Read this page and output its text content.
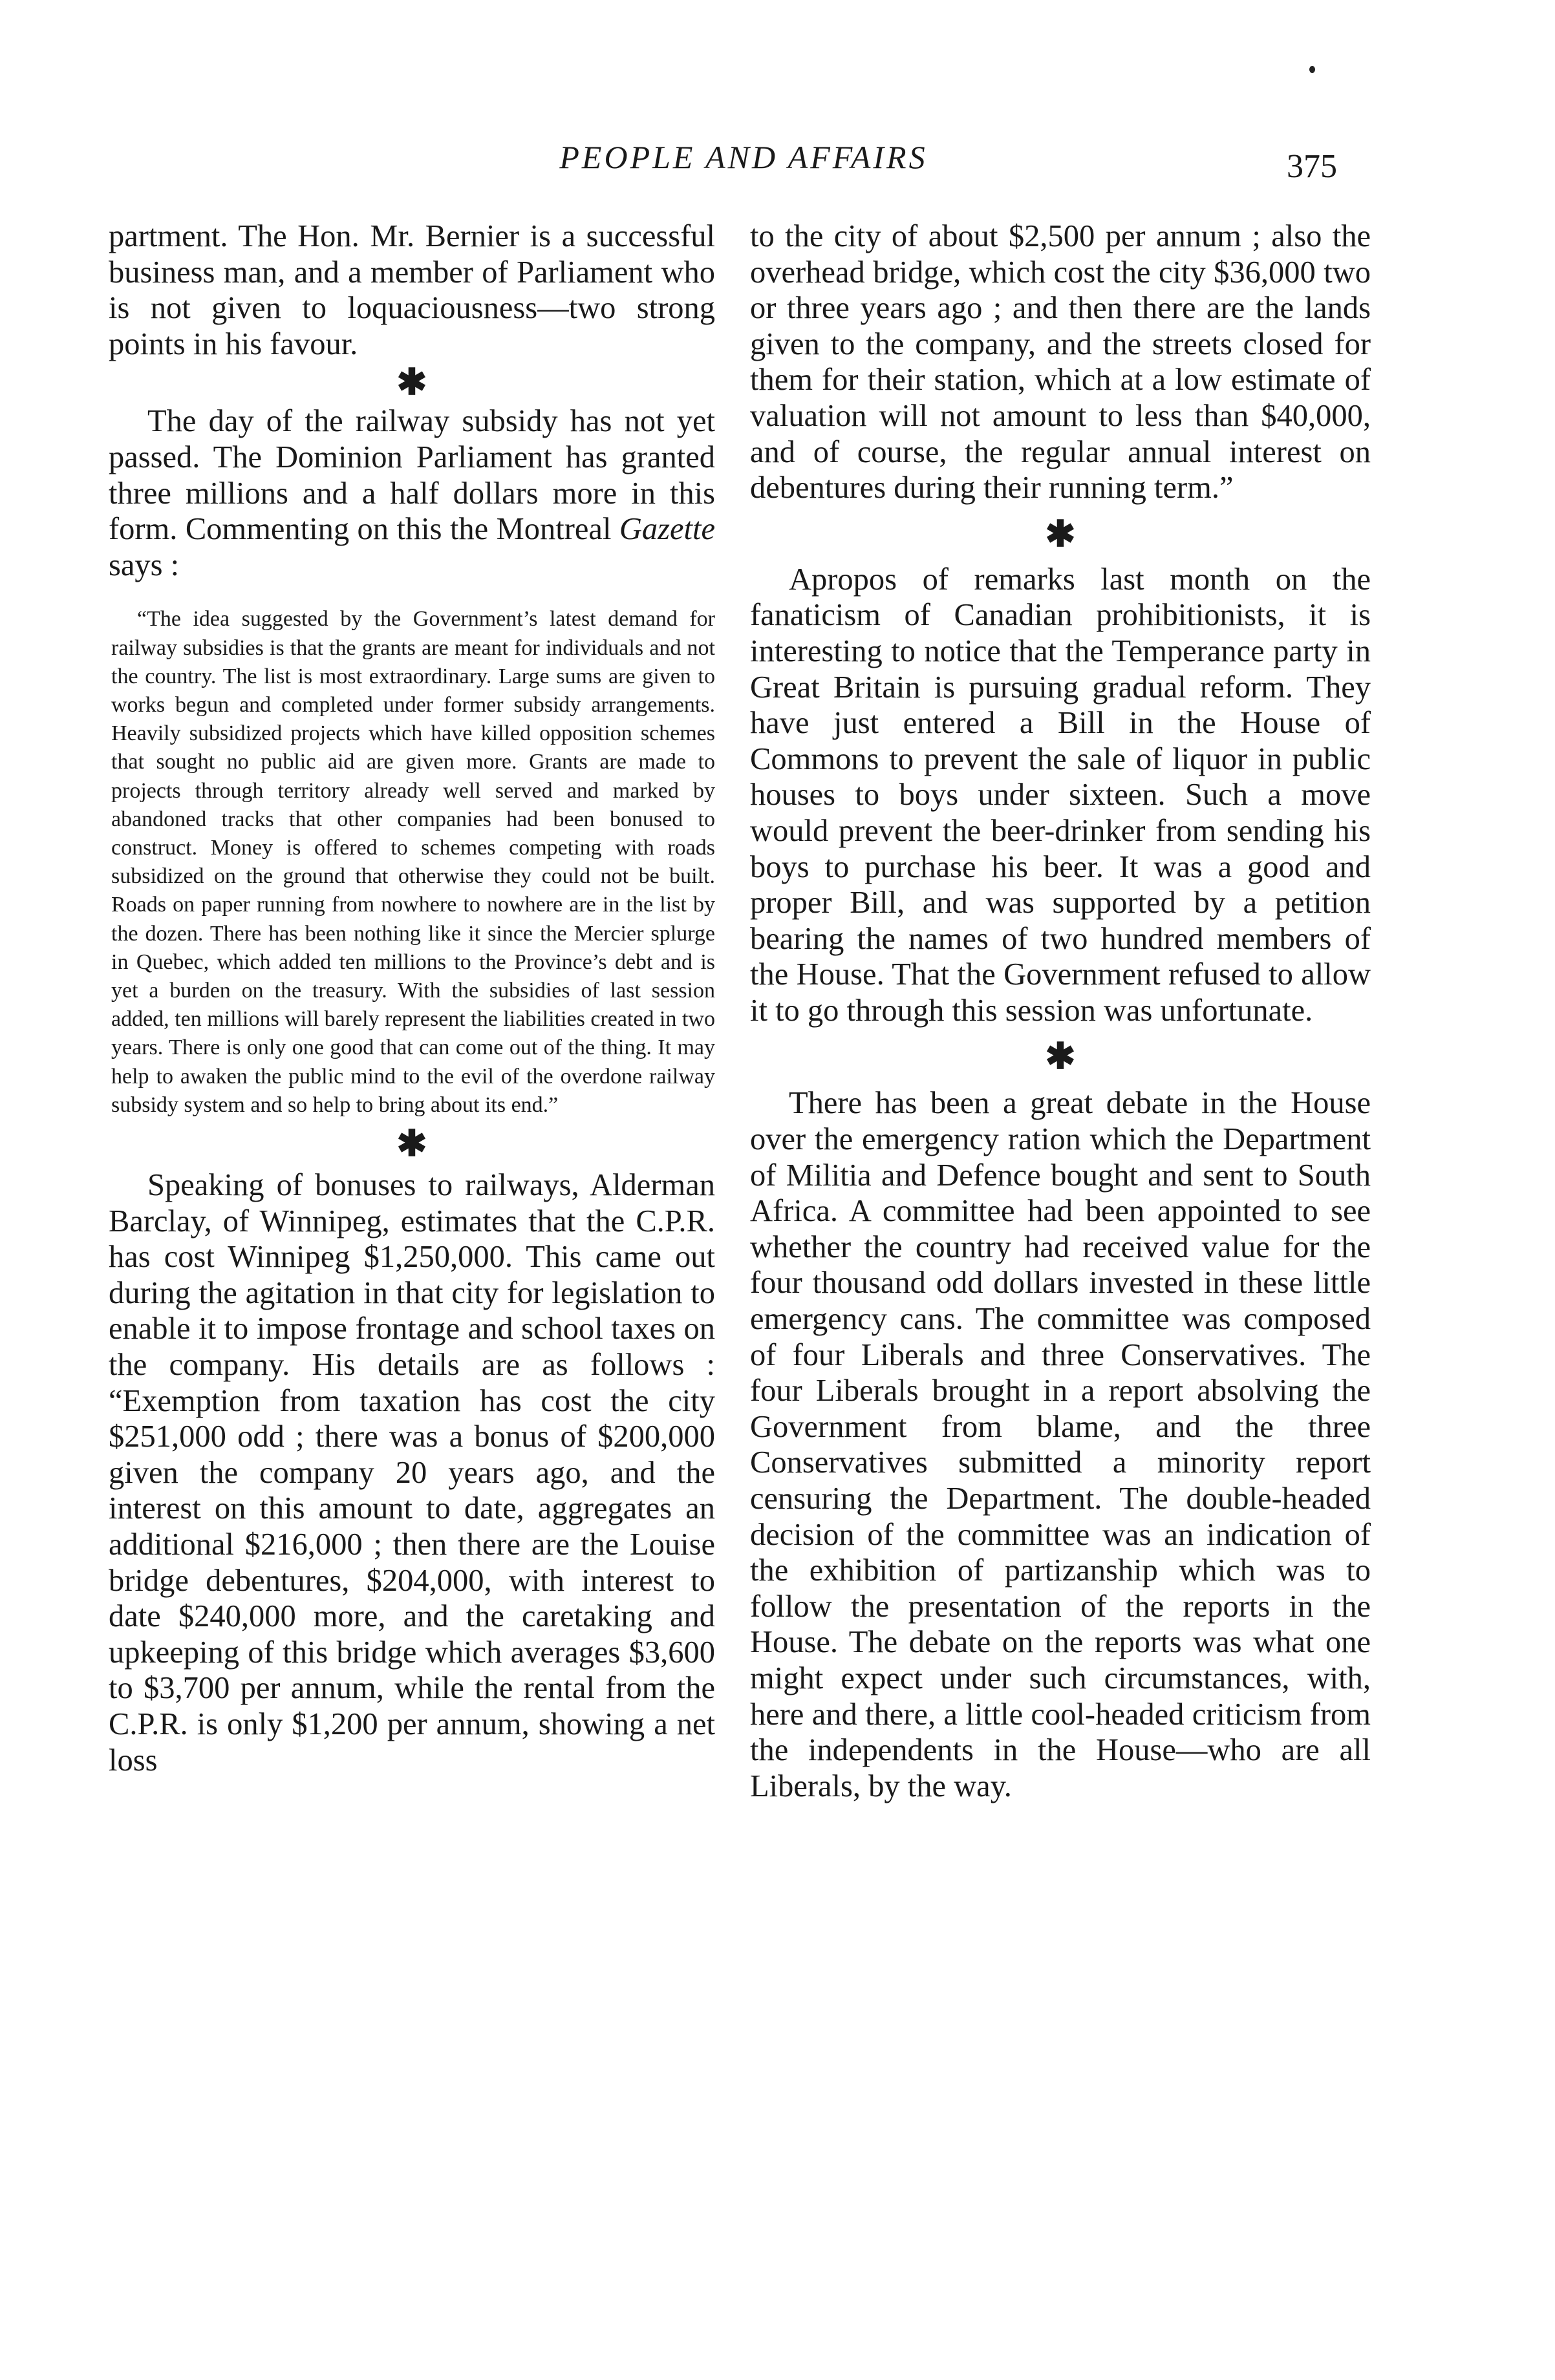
PEOPLE AND AFFAIRS	375

partment. The Hon. Mr. Bernier is a successful business man, and a member of Parliament who is not given to loquaciousness—two strong points in his favour.

✱

The day of the railway subsidy has not yet passed. The Dominion Parliament has granted three millions and a half dollars more in this form. Commenting on this the Montreal Gazette says :

“The idea suggested by the Government’s latest demand for railway subsidies is that the grants are meant for individuals and not the country. The list is most extraordinary. Large sums are given to works begun and completed under former subsidy arrangements. Heavily subsidized projects which have killed opposition schemes that sought no public aid are given more. Grants are made to projects through territory already well served and marked by abandoned tracks that other companies had been bonused to construct. Money is offered to schemes competing with roads subsidized on the ground that otherwise they could not be built. Roads on paper running from nowhere to nowhere are in the list by the dozen. There has been nothing like it since the Mercier splurge in Quebec, which added ten millions to the Province’s debt and is yet a burden on the treasury. With the subsidies of last session added, ten millions will barely represent the liabilities created in two years. There is only one good that can come out of the thing. It may help to awaken the public mind to the evil of the overdone railway subsidy system and so help to bring about its end.”

✱

Speaking of bonuses to railways, Alderman Barclay, of Winnipeg, estimates that the C.P.R. has cost Winnipeg $1,250,000. This came out during the agitation in that city for legislation to enable it to impose frontage and school taxes on the company. His details are as follows : “Exemption from taxation has cost the city $251,000 odd ; there was a bonus of $200,000 given the company 20 years ago, and the interest on this amount to date, aggregates an additional $216,000 ; then there are the Louise bridge debentures, $204,000, with interest to date $240,000 more, and the caretaking and upkeeping of this bridge which averages $3,600 to $3,700 per annum, while the rental from the C.P.R. is only $1,200 per annum, showing a net loss

to the city of about $2,500 per annum ; also the overhead bridge, which cost the city $36,000 two or three years ago ; and then there are the lands given to the company, and the streets closed for them for their station, which at a low estimate of valuation will not amount to less than $40,000, and of course, the regular annual interest on debentures during their running term.”

✱

Apropos of remarks last month on the fanaticism of Canadian prohibitionists, it is interesting to notice that the Temperance party in Great Britain is pursuing gradual reform. They have just entered a Bill in the House of Commons to prevent the sale of liquor in public houses to boys under sixteen. Such a move would prevent the beer-drinker from sending his boys to purchase his beer. It was a good and proper Bill, and was supported by a petition bearing the names of two hundred members of the House. That the Government refused to allow it to go through this session was unfortunate.

✱

There has been a great debate in the House over the emergency ration which the Department of Militia and Defence bought and sent to South Africa. A committee had been appointed to see whether the country had received value for the four thousand odd dollars invested in these little emergency cans. The committee was composed of four Liberals and three Conservatives. The four Liberals brought in a report absolving the Government from blame, and the three Conservatives submitted a minority report censuring the Department. The double-headed decision of the committee was an indication of the exhibition of partizanship which was to follow the presentation of the reports in the House. The debate on the reports was what one might expect under such circumstances, with, here and there, a little cool-headed criticism from the independents in the House—who are all Liberals, by the way.
